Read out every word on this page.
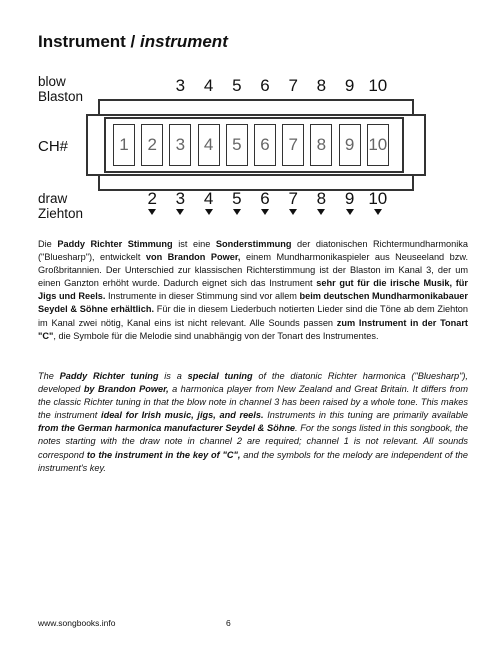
Instrument / instrument
blow
Blaston
CH#
draw
Ziehton
3	4	5	6	7	8	9 10
1	2	3	4	5	6	7	8	9 10
2	3	4	5	6	7	8	9 10
Die Paddy Richter Stimmung ist eine Sonderstimmung der diatonischen Richtermundharmonika ("Bluesharp"), entwickelt von Brandon Power, einem Mundharmonikaspieler aus Neuseeland bzw. Großbritannien. Der Unterschied zur klassischen Richterstimmung ist der Blaston im Kanal 3, der um einen Ganzton erhöht wurde. Dadurch eignet sich das Instrument sehr gut für die irische Musik, für Jigs und Reels. Instrumente in dieser Stimmung sind vor allem beim deutschen Mundharmonikabauer Seydel & Söhne erhältlich. Für die in diesem Liederbuch notierten Lieder sind die Töne ab dem Ziehton im Kanal zwei nötig, Kanal eins ist nicht relevant. Alle Sounds passen zum Instrument in der Tonart "C", die Symbole für die Melodie sind unabhängig von der Tonart des Instrumentes.
The Paddy Richter tuning is a special tuning of the diatonic Richter harmonica ("Bluesharp"), developed by Brandon Power, a harmonica player from New Zealand and Great Britain. It differs from the classic Richter tuning in that the blow note in channel 3 has been raised by a whole tone. This makes the instrument ideal for Irish music, jigs, and reels. Instruments in this tuning are primarily available from the German harmonica manufacturer Seydel & Söhne. For the songs listed in this songbook, the notes starting with the draw note in channel 2 are required; channel 1 is not relevant. All sounds correspond to the instrument in the key of "C", and the symbols for the melody are independent of the instrument's key.
www.songbooks.info	6
